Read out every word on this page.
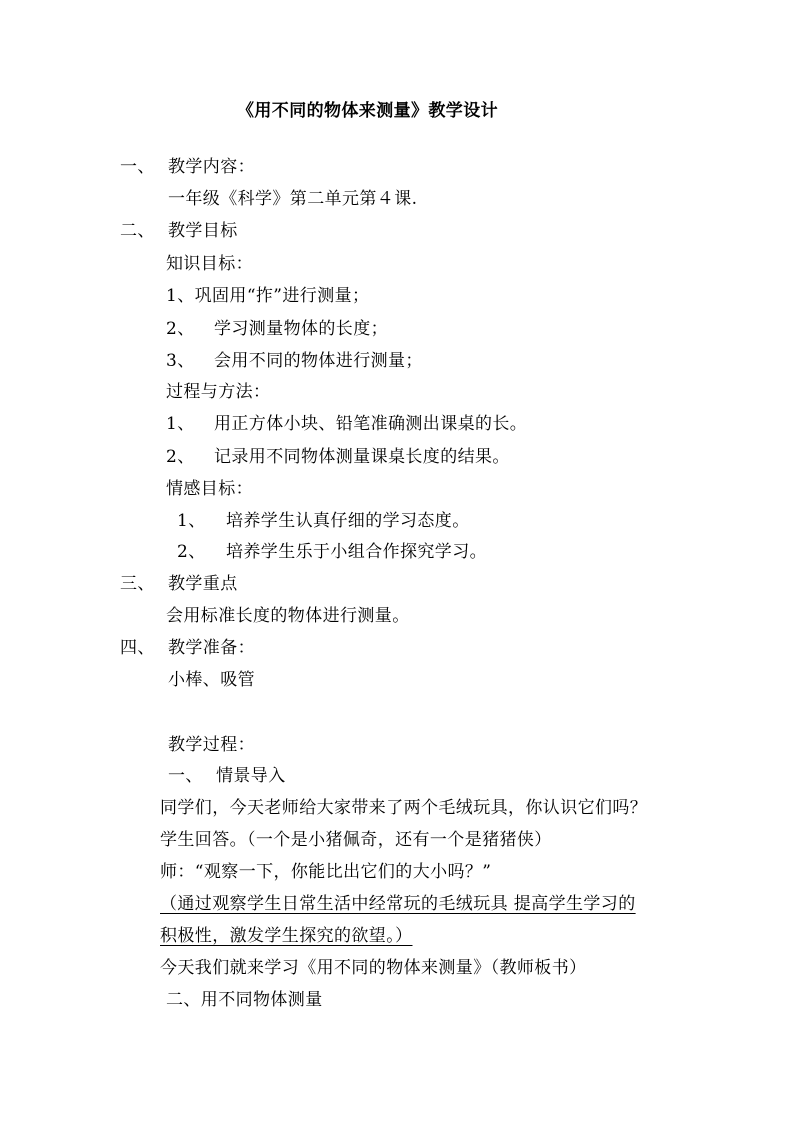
《用不同的物体来测量》教学设计
一、 教学内容：
一年级《科学》第二单元第４课.
二、 教学目标
知识目标：
1、巩固用“拃”进行测量；
2、 学习测量物体的长度；
3、 会用不同的物体进行测量；
过程与方法：
1、 用正方体小块、铅笔准确测出课桌的长。
2、 记录用不同物体测量课桌长度的结果。
情感目标：
1、 培养学生认真仔细的学习态度。
2、 培养学生乐于小组合作探究学习。
三、 教学重点
会用标准长度的物体进行测量。
四、 教学准备：
小棒、吸管
教学过程：
一、 情景导入
同学们，今天老师给大家带来了两个毛绒玩具，你认识它们吗？
学生回答。（一个是小猪佩奇，还有一个是猪猪侠）
师：“观察一下，你能比出它们的大小吗？”
（通过观察学生日常生活中经常玩的毛绒玩具 提高学生学习的
积极性，激发学生探究的欲望。）
今天我们就来学习《用不同的物体来测量》（教师板书）
二、用不同物体测量
